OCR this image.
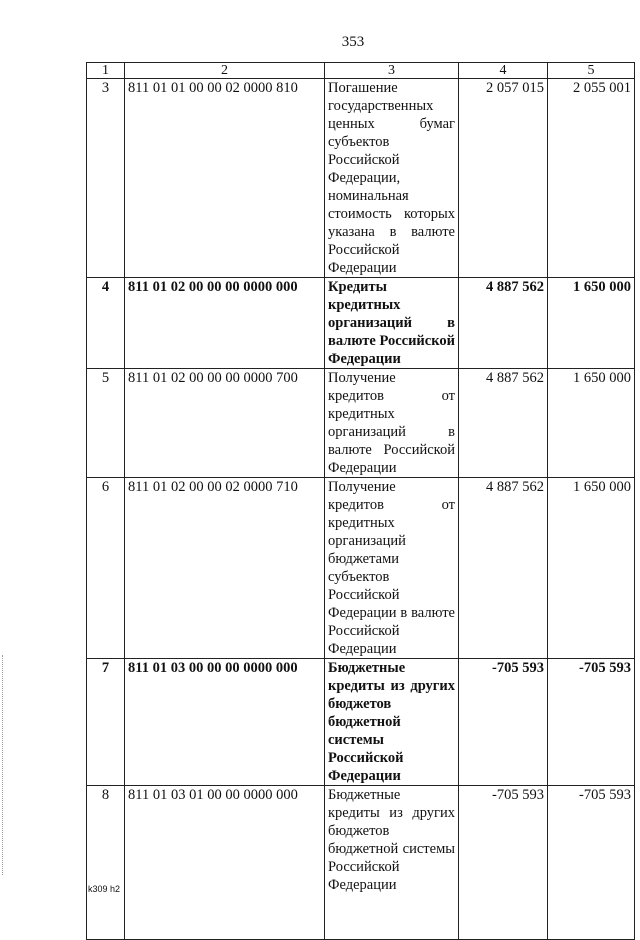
353
1	2	3	4	5
3	811 01 01 00 00 02 0000 810	Погашение государственных ценных бумаг субъектов Российской Федерации, номинальная стоимость которых указана в валюте Российской Федерации	2 057 015	2 055 001
4	811 01 02 00 00 00 0000 000	Кредиты кредитных организаций в валюте Российской Федерации	4 887 562	1 650 000
5	811 01 02 00 00 00 0000 700	Получение кредитов от кредитных организаций в валюте Российской Федерации	4 887 562	1 650 000
6	811 01 02 00 00 02 0000 710	Получение кредитов от кредитных организаций бюджетами субъектов Российской Федерации в валюте Российской Федерации	4 887 562	1 650 000
7	811 01 03 00 00 00 0000 000	Бюджетные кредиты из других бюджетов бюджетной системы Российской Федерации	-705 593	-705 593
8	811 01 03 01 00 00 0000 000	Бюджетные кредиты из других бюджетов бюджетной системы Российской Федерации	-705 593	-705 593
k309 h2
